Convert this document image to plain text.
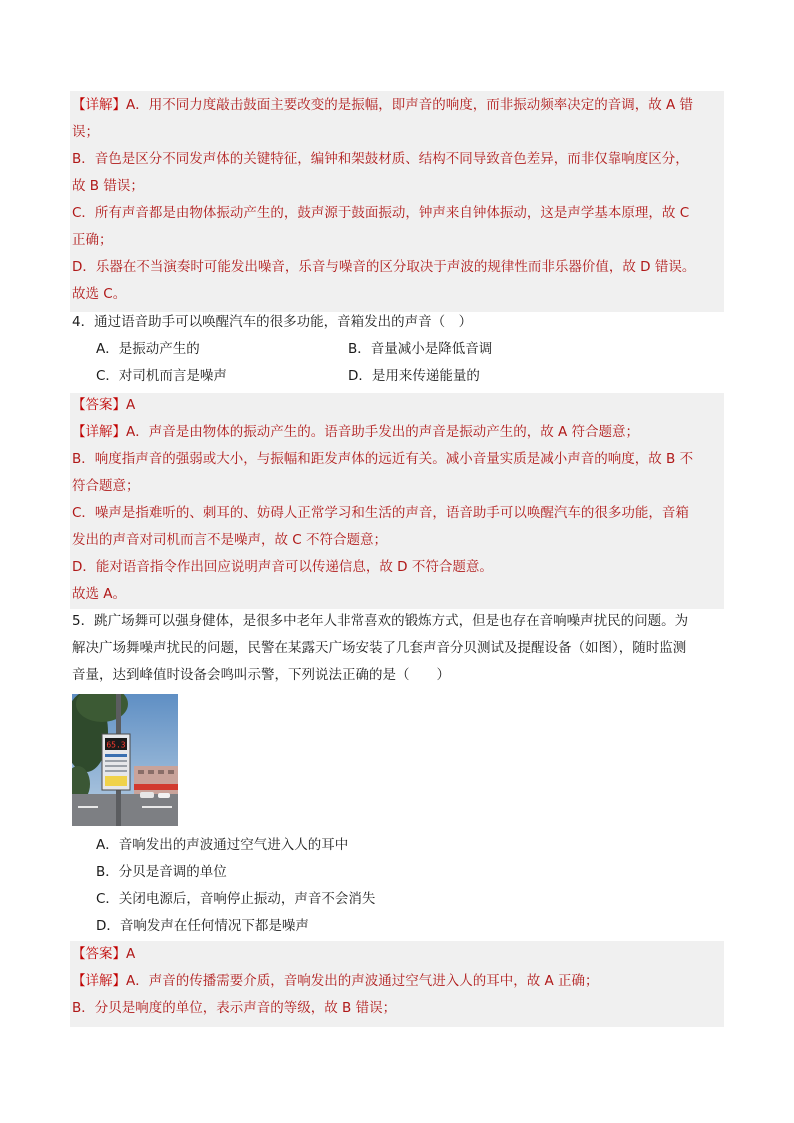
【详解】A．用不同力度敲击鼓面主要改变的是振幅，即声音的响度，而非振动频率决定的音调，故 A 错
误；
B．音色是区分不同发声体的关键特征，编钟和架鼓材质、结构不同导致音色差异，而非仅靠响度区分，
故 B 错误；
C．所有声音都是由物体振动产生的，鼓声源于鼓面振动，钟声来自钟体振动，这是声学基本原理，故 C
正确；
D．乐器在不当演奏时可能发出噪音，乐音与噪音的区分取决于声波的规律性而非乐器价值，故 D 错误。
故选 C。
4．通过语音助手可以唤醒汽车的很多功能，音箱发出的声音（　）
A．是振动产生的	B．音量减小是降低音调
C．对司机而言是噪声	D．是用来传递能量的
【答案】A
【详解】A．声音是由物体的振动产生的。语音助手发出的声音是振动产生的，故 A 符合题意；
B．响度指声音的强弱或大小，与振幅和距发声体的远近有关。减小音量实质是减小声音的响度，故 B 不
符合题意；
C．噪声是指难听的、刺耳的、妨碍人正常学习和生活的声音，语音助手可以唤醒汽车的很多功能，音箱
发出的声音对司机而言不是噪声，故 C 不符合题意；
D．能对语音指令作出回应说明声音可以传递信息，故 D 不符合题意。
故选 A。
5．跳广场舞可以强身健体，是很多中老年人非常喜欢的锻炼方式，但是也存在音响噪声扰民的问题。为
解决广场舞噪声扰民的问题，民警在某露天广场安装了几套声音分贝测试及提醒设备（如图），随时监测
音量，达到峰值时设备会鸣叫示警，下列说法正确的是（　　）
65.3
A．音响发出的声波通过空气进入人的耳中
B．分贝是音调的单位
C．关闭电源后，音响停止振动，声音不会消失
D．音响发声在任何情况下都是噪声
【答案】A
【详解】A．声音的传播需要介质，音响发出的声波通过空气进入人的耳中，故 A 正确；
B．分贝是响度的单位，表示声音的等级，故 B 错误；
